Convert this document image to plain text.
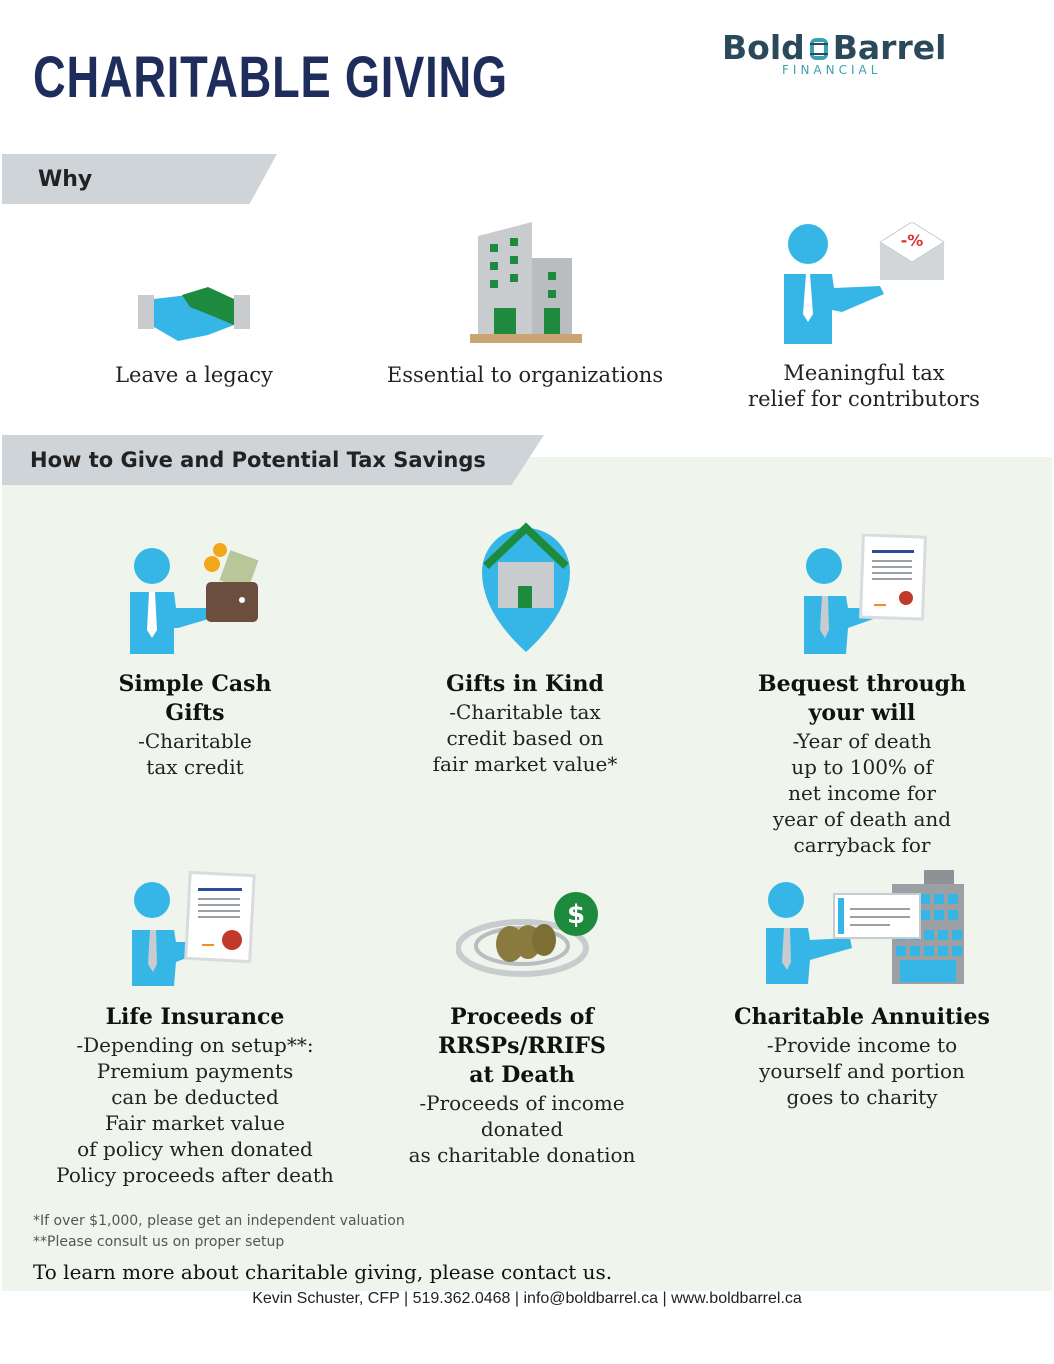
CHARITABLE GIVING	Bold Barrel
FINANCIAL
Why
-%
Leave a legacy	Essential to organizations	Meaningful tax
relief for contributors
How to Give and Potential Tax Savings
Simple Cash
Gifts

-Charitable

tax credit

Gifts in Kind

-Charitable tax

credit based on

fair market value*

Bequest through
your will

-Year of death

up to 100% of

net income for

year of death and

carryback for

$
Life Insurance

-Depending on setup**:

Premium payments

can be deducted

Fair market value

of policy when donated

Policy proceeds after death

Proceeds of
RRSPs/RRIFS
at Death

-Proceeds of income

donated

as charitable donation

Charitable Annuities

-Provide income to

yourself and portion

goes to charity

*If over $1,000, please get an independent valuation
**Please consult us on proper setup
To learn more about charitable giving, please contact us.
Kevin Schuster, CFP | 519.362.0468 | info@boldbarrel.ca | www.boldbarrel.ca
